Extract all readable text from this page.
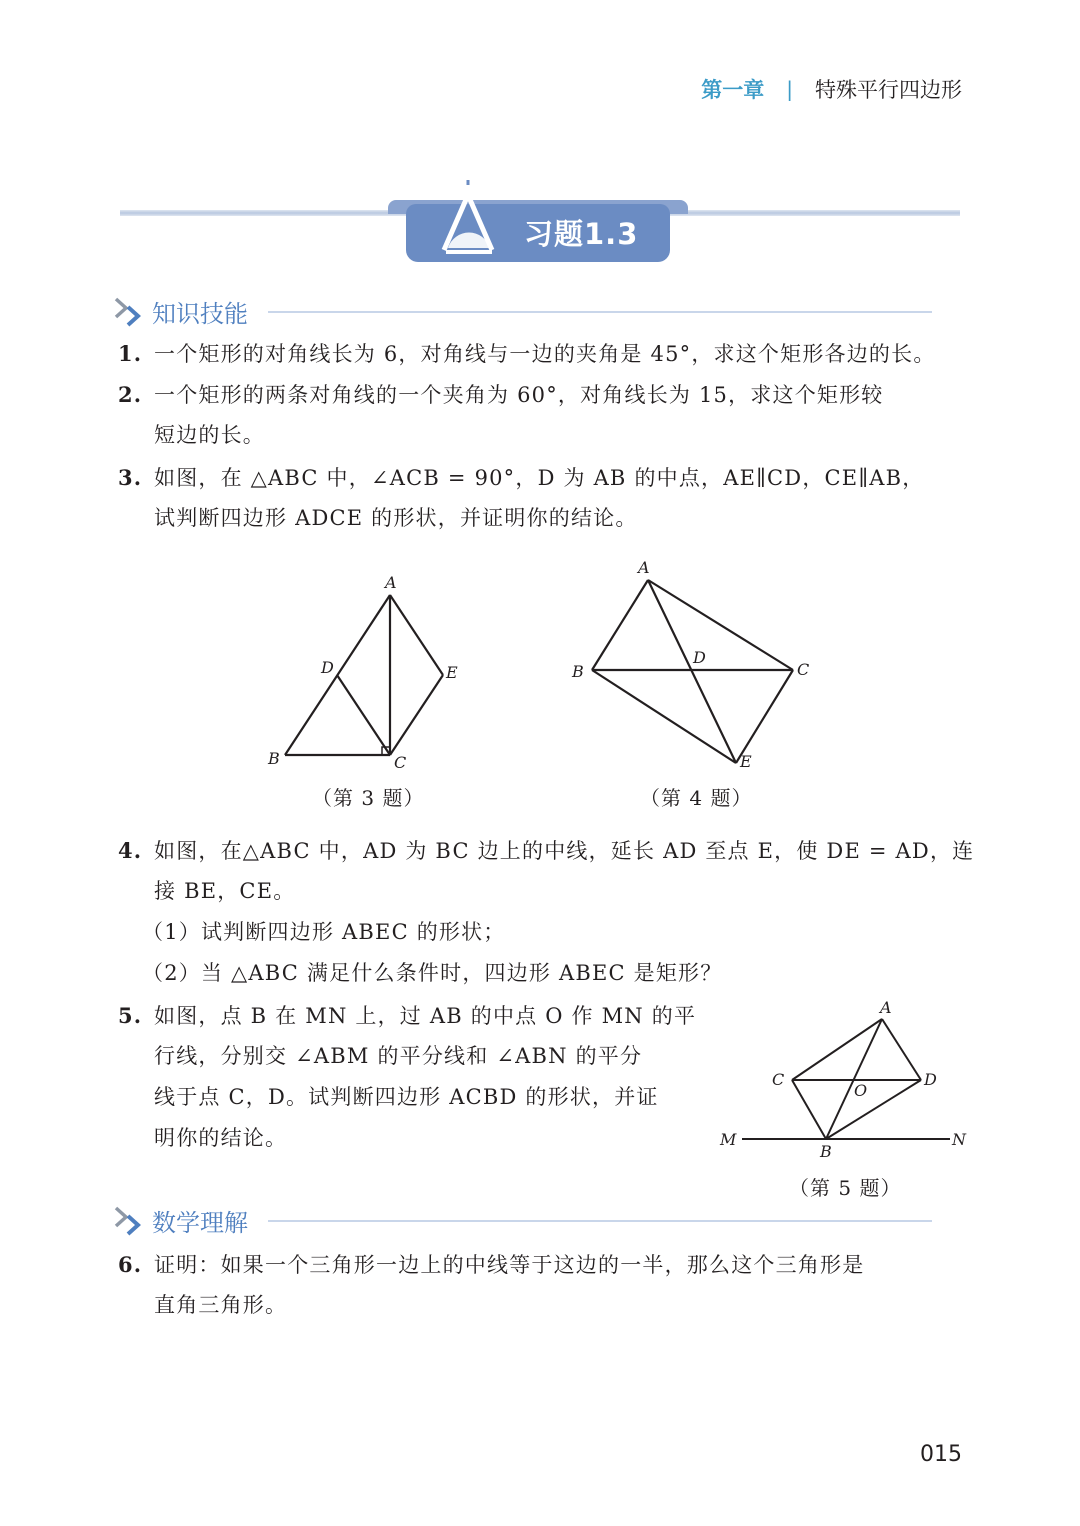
第一章 | 特殊平行四边形
习题1.3
知识技能
1. 一个矩形的对角线长为 6，对角线与一边的夹角是 45°，求这个矩形各边的长。
2. 一个矩形的两条对角线的一个夹角为 60°，对角线长为 15，求这个矩形较
短边的长。
3. 如图，在 △ABC 中，∠ACB = 90°，D 为 AB 的中点，AE∥CD，CE∥AB，
试判断四边形 ADCE 的形状，并证明你的结论。
A
B	C
D	E
（第 3 题）
A
B	C
D
E
（第 4 题）
4. 如图，在△ABC 中，AD 为 BC 边上的中线，延长 AD 至点 E，使 DE = AD，连
接 BE，CE。
（1）试判断四边形 ABEC 的形状；
（2）当 △ABC 满足什么条件时，四边形 ABEC 是矩形？
5. 如图，点 B 在 MN 上，过 AB 的中点 O 作 MN 的平
行线，分别交 ∠ABM 的平分线和 ∠ABN 的平分
线于点 C，D。试判断四边形 ACBD 的形状，并证
明你的结论。
A
B
C	D
O
M	N
（第 5 题）
数学理解
6. 证明：如果一个三角形一边上的中线等于这边的一半，那么这个三角形是
直角三角形。
015
